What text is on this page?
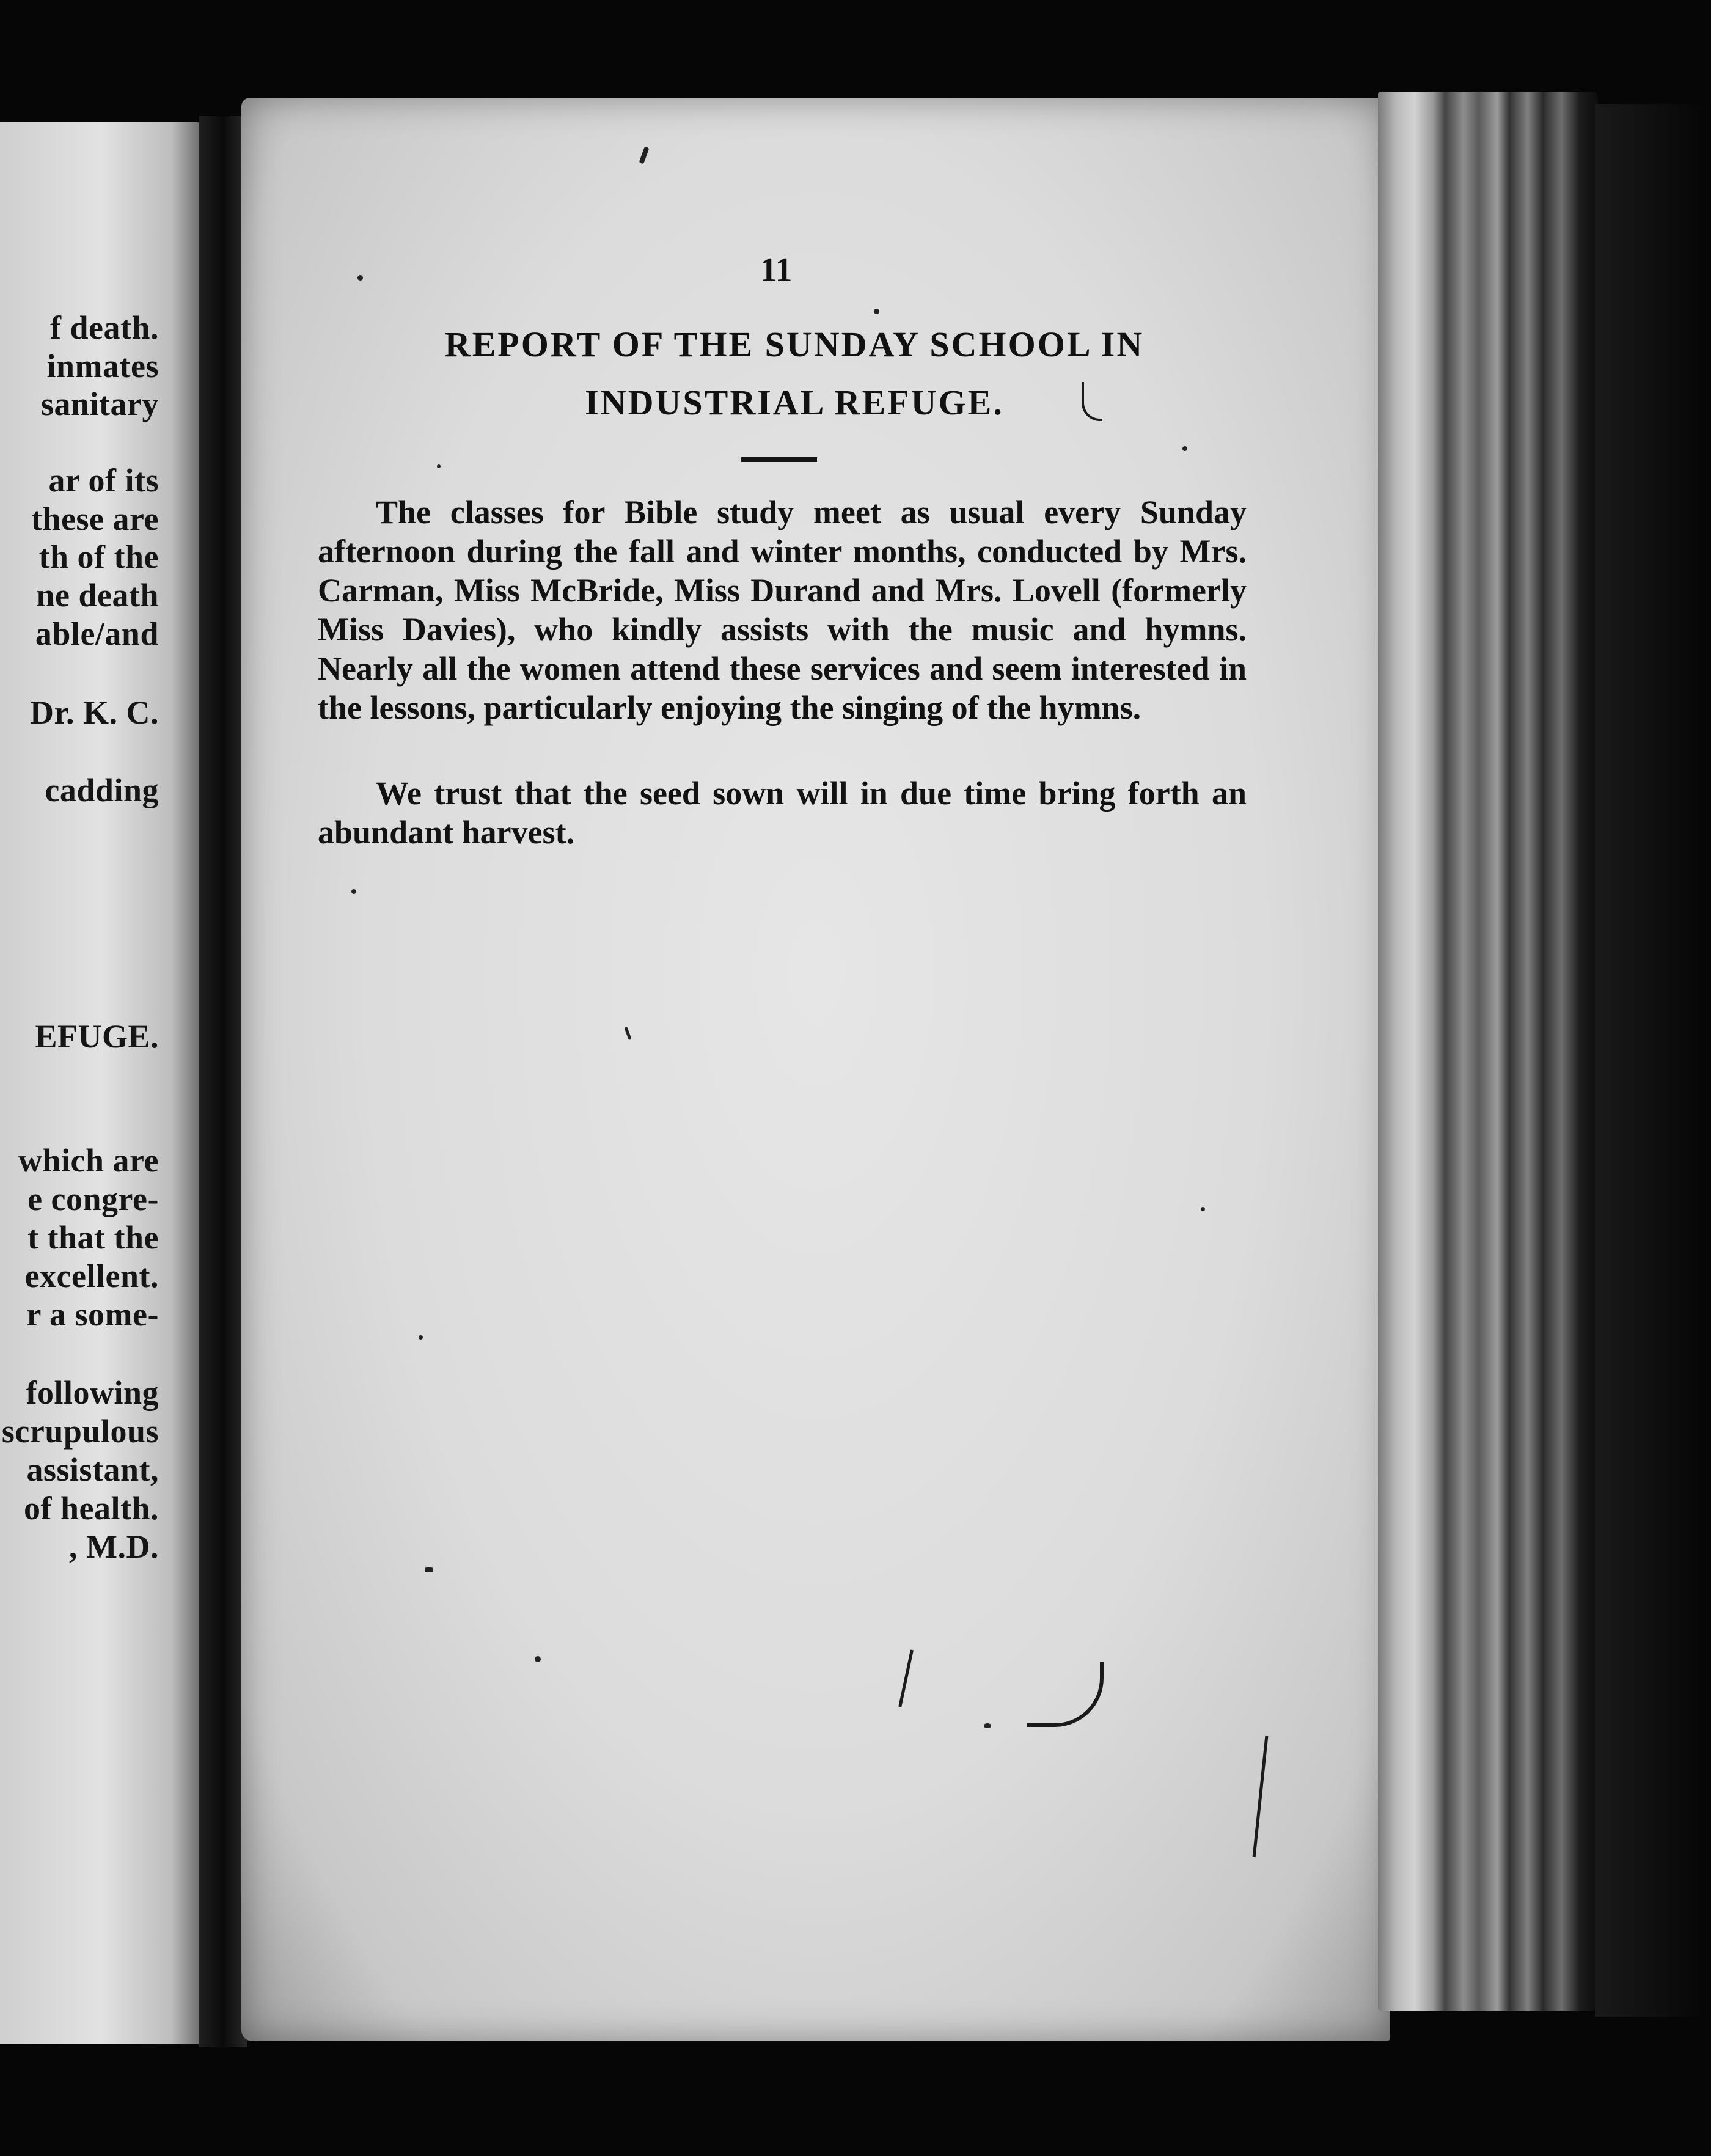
f death.
inmates
sanitary
ar of its
these are
th of the
ne death
able/and
Dr. K. C.
cadding
EFUGE.
which are
e congre-
t that the
excellent.
r a some-
following
scrupulous
assistant,
of health.
, M.D.
11
REPORT OF THE SUNDAY SCHOOL IN
INDUSTRIAL REFUGE.

The classes for Bible study meet as usual every Sunday afternoon during the fall and winter months, conducted by Mrs. Carman, Miss McBride, Miss Durand and Mrs. Lovell (formerly Miss Davies), who kindly assists with the music and hymns. Nearly all the women attend these services and seem interested in the lessons, particularly enjoying the singing of the hymns.

We trust that the seed sown will in due time bring forth an abundant harvest.
